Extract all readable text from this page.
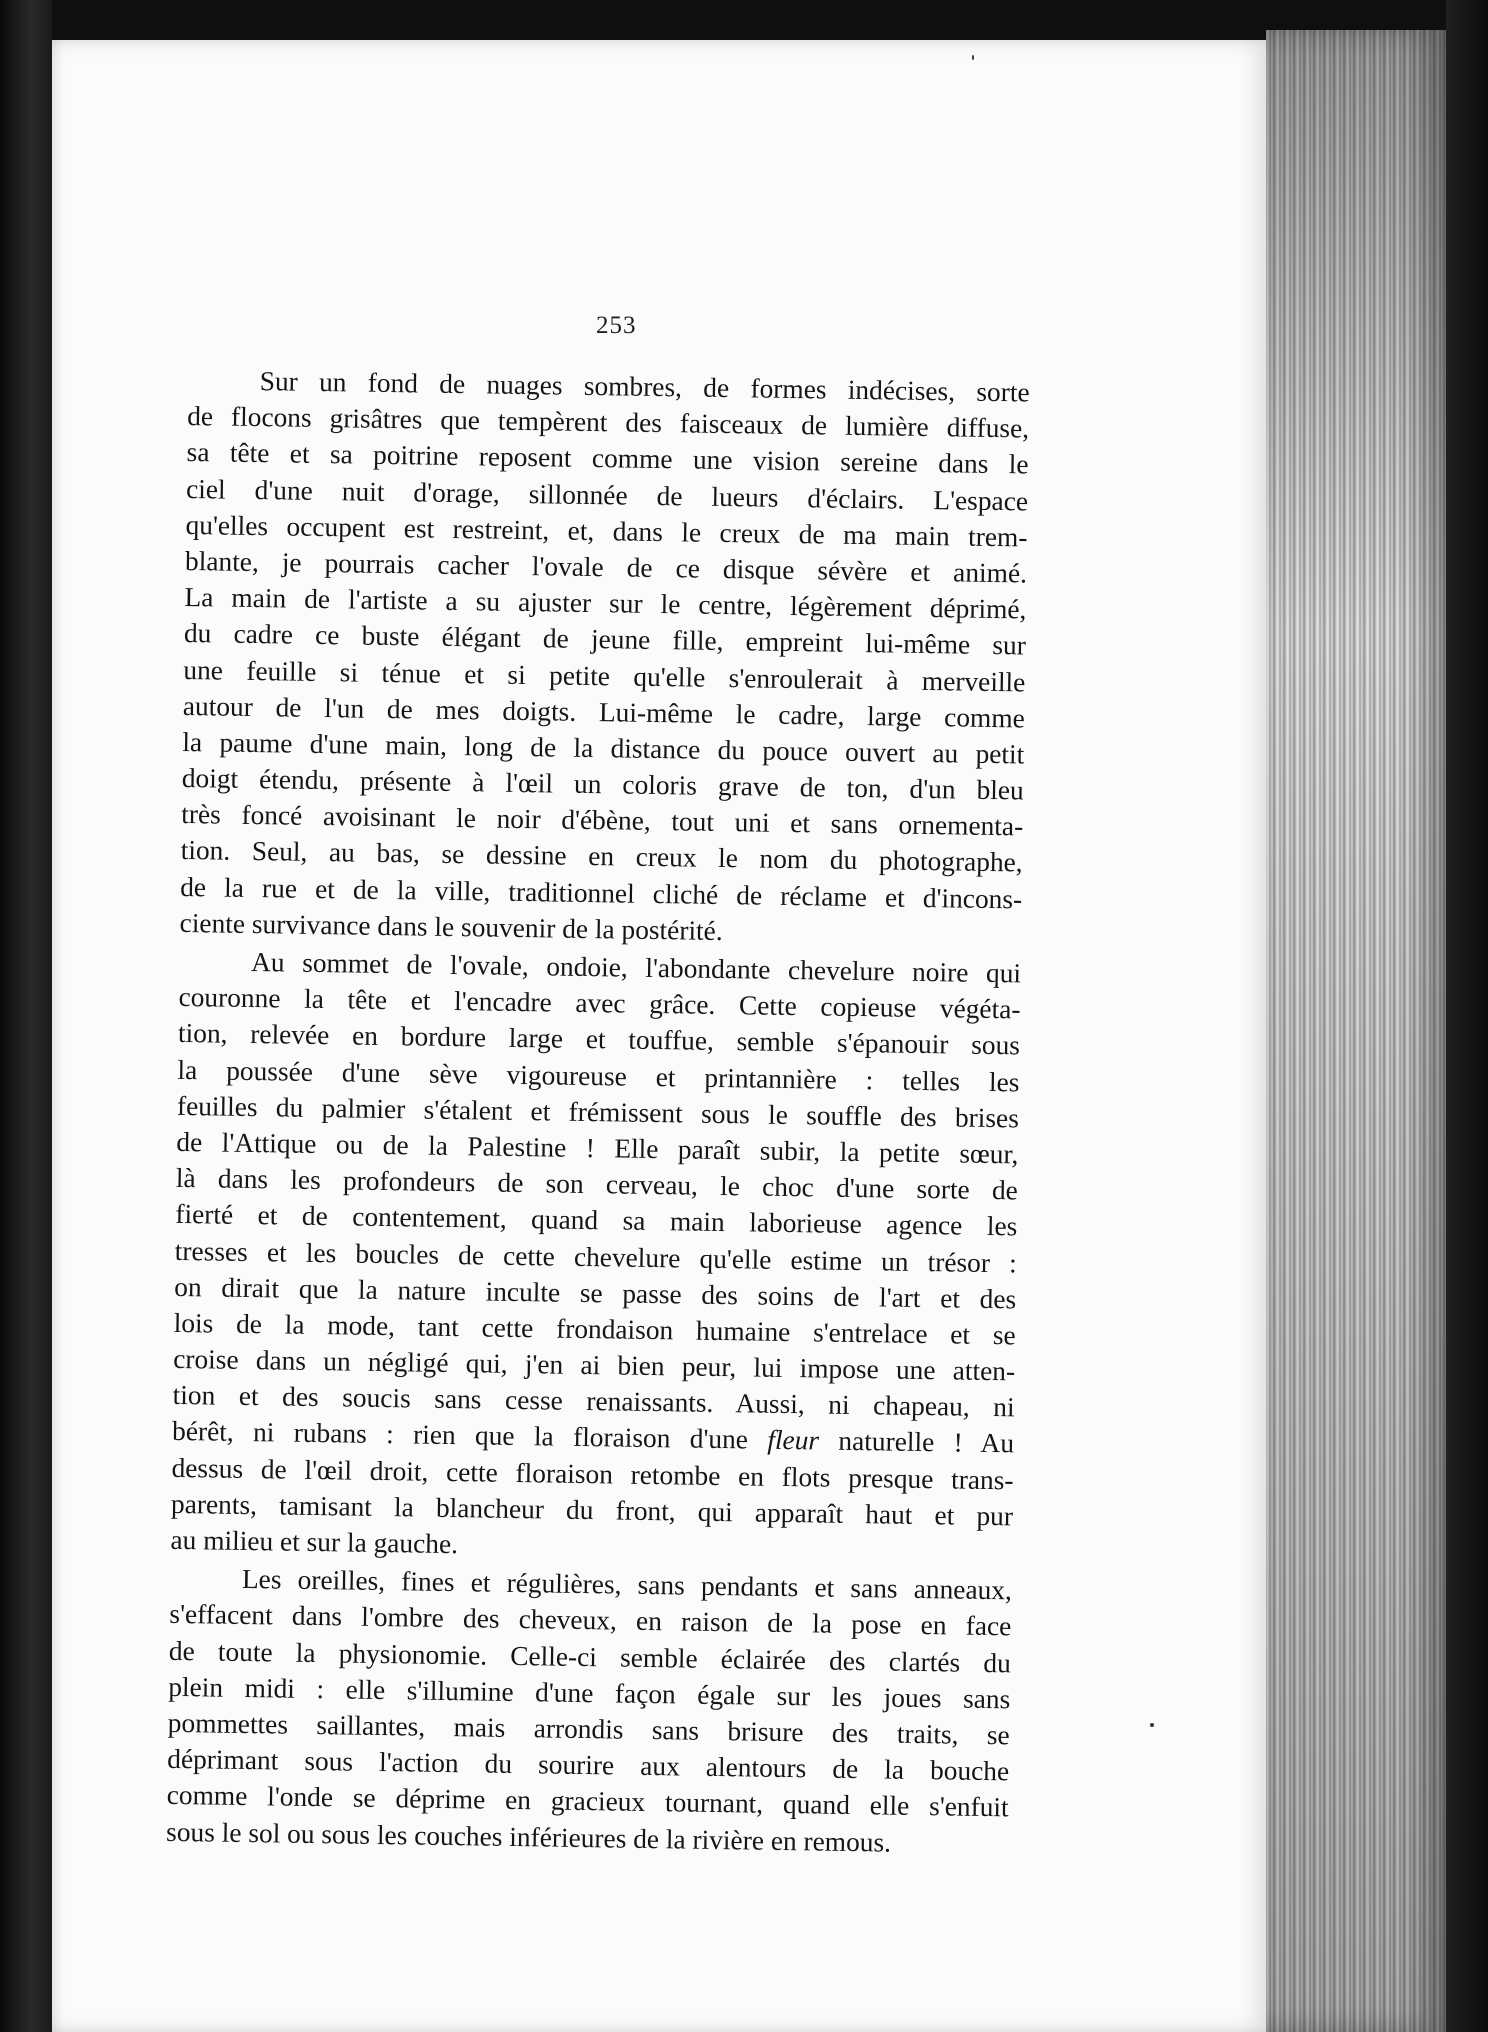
253
Sur un fond de nuages sombres, de formes indécises, sorte
de flocons grisâtres que tempèrent des faisceaux de lumière diffuse,
sa tête et sa poitrine reposent comme une vision sereine dans le
ciel d'une nuit d'orage, sillonnée de lueurs d'éclairs. L'espace
qu'elles occupent est restreint, et, dans le creux de ma main trem-
blante, je pourrais cacher l'ovale de ce disque sévère et animé.
La main de l'artiste a su ajuster sur le centre, légèrement déprimé,
du cadre ce buste élégant de jeune fille, empreint lui-même sur
une feuille si ténue et si petite qu'elle s'enroulerait à merveille
autour de l'un de mes doigts. Lui-même le cadre, large comme
la paume d'une main, long de la distance du pouce ouvert au petit
doigt étendu, présente à l'œil un coloris grave de ton, d'un bleu
très foncé avoisinant le noir d'ébène, tout uni et sans ornementa-
tion. Seul, au bas, se dessine en creux le nom du photographe,
de la rue et de la ville, traditionnel cliché de réclame et d'incons-
ciente survivance dans le souvenir de la postérité.
Au sommet de l'ovale, ondoie, l'abondante chevelure noire qui
couronne la tête et l'encadre avec grâce. Cette copieuse végéta-
tion, relevée en bordure large et touffue, semble s'épanouir sous
la poussée d'une sève vigoureuse et printannière : telles les
feuilles du palmier s'étalent et frémissent sous le souffle des brises
de l'Attique ou de la Palestine ! Elle paraît subir, la petite sœur,
là dans les profondeurs de son cerveau, le choc d'une sorte de
fierté et de contentement, quand sa main laborieuse agence les
tresses et les boucles de cette chevelure qu'elle estime un trésor :
on dirait que la nature inculte se passe des soins de l'art et des
lois de la mode, tant cette frondaison humaine s'entrelace et se
croise dans un négligé qui, j'en ai bien peur, lui impose une atten-
tion et des soucis sans cesse renaissants. Aussi, ni chapeau, ni
bérêt, ni rubans : rien que la floraison d'une fleur naturelle ! Au
dessus de l'œil droit, cette floraison retombe en flots presque trans-
parents, tamisant la blancheur du front, qui apparaît haut et pur
au milieu et sur la gauche.
Les oreilles, fines et régulières, sans pendants et sans anneaux,
s'effacent dans l'ombre des cheveux, en raison de la pose en face
de toute la physionomie. Celle-ci semble éclairée des clartés du
plein midi : elle s'illumine d'une façon égale sur les joues sans
pommettes saillantes, mais arrondis sans brisure des traits, se
déprimant sous l'action du sourire aux alentours de la bouche
comme l'onde se déprime en gracieux tournant, quand elle s'enfuit
sous le sol ou sous les couches inférieures de la rivière en remous.
